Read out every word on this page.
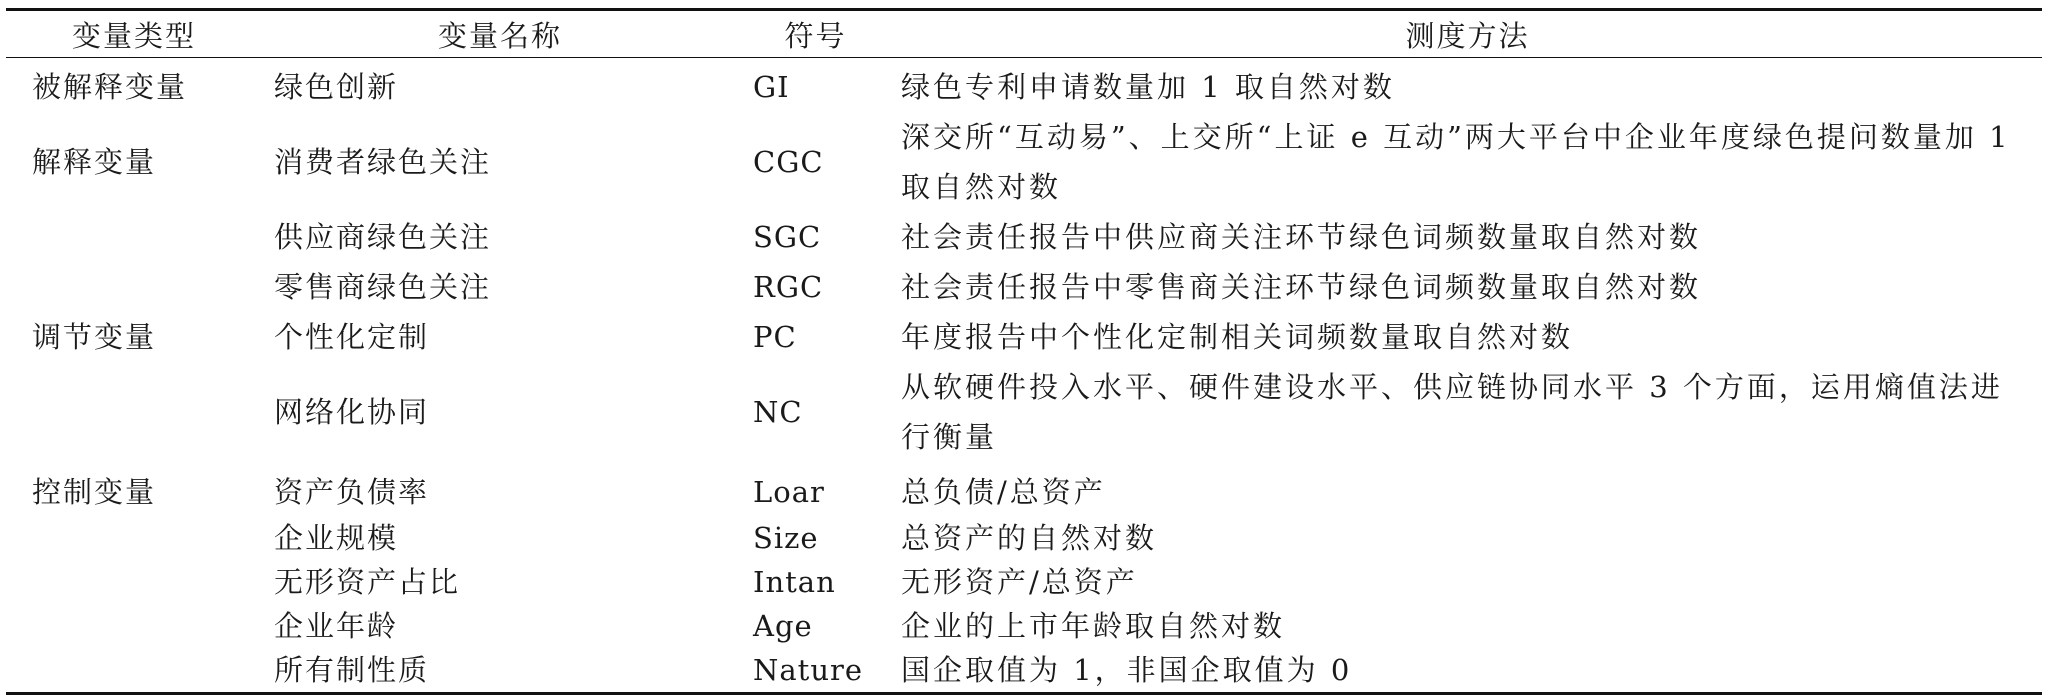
变量类型	变量名称	符号	测度方法
被解释变量	绿色创新	GI	绿色专利申请数量加 1 取自然对数
解释变量	消费者绿色关注	CGC	深交所“互动易”、上交所“上证 e 互动”两大平台中企业年度绿色提问数量加 1 取自然对数
	供应商绿色关注	SGC	社会责任报告中供应商关注环节绿色词频数量取自然对数
	零售商绿色关注	RGC	社会责任报告中零售商关注环节绿色词频数量取自然对数
调节变量	个性化定制	PC	年度报告中个性化定制相关词频数量取自然对数
	网络化协同	NC	从软硬件投入水平、硬件建设水平、供应链协同水平 3 个方面，运用熵值法进行衡量
控制变量	资产负债率	Loar	总负债/总资产
	企业规模	Size	总资产的自然对数
	无形资产占比	Intan	无形资产/总资产
	企业年龄	Age	企业的上市年龄取自然对数
	所有制性质	Nature	国企取值为 1，非国企取值为 0
